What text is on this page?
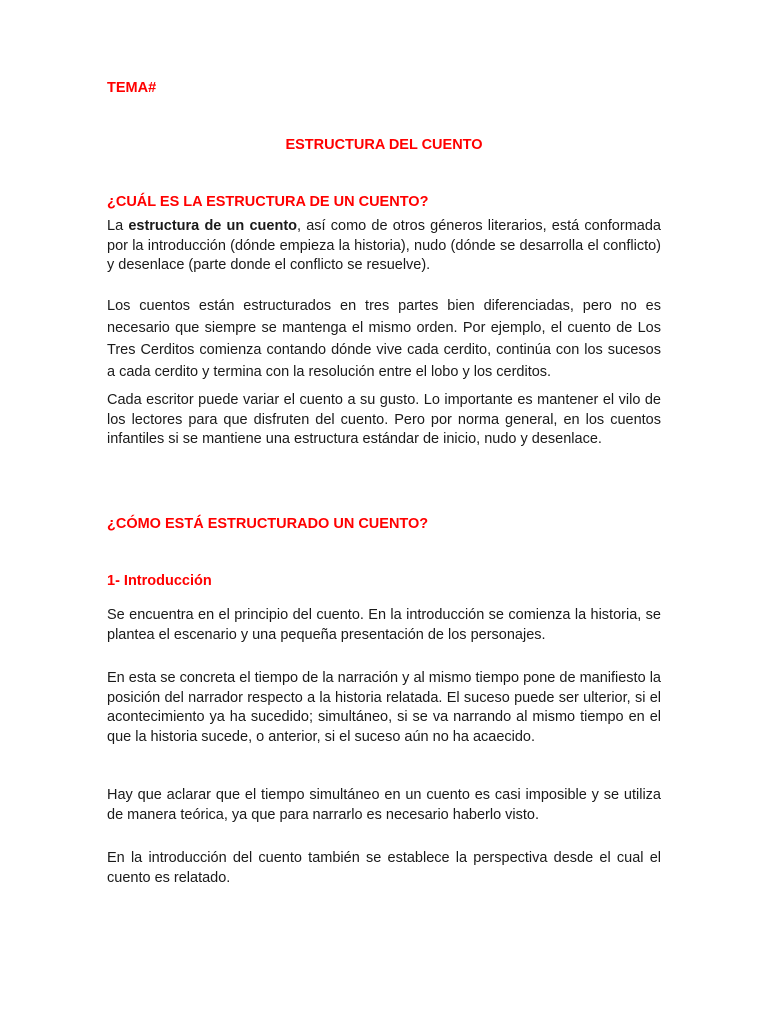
TEMA#
ESTRUCTURA DEL CUENTO
¿CUÁL ES LA ESTRUCTURA DE UN CUENTO?

La estructura de un cuento, así como de otros géneros literarios, está conformada por la introducción (dónde empieza la historia), nudo (dónde se desarrolla el conflicto) y desenlace (parte donde el conflicto se resuelve).

Los cuentos están estructurados en tres partes bien diferenciadas, pero no es necesario que siempre se mantenga el mismo orden. Por ejemplo, el cuento de Los Tres Cerditos comienza contando dónde vive cada cerdito, continúa con los sucesos a cada cerdito y termina con la resolución entre el lobo y los cerditos.

Cada escritor puede variar el cuento a su gusto. Lo importante es mantener el vilo de los lectores para que disfruten del cuento. Pero por norma general, en los cuentos infantiles si se mantiene una estructura estándar de inicio, nudo y desenlace.

¿CÓMO ESTÁ ESTRUCTURADO UN CUENTO?
1- Introducción

Se encuentra en el principio del cuento. En la introducción se comienza la historia, se plantea el escenario y una pequeña presentación de los personajes.

En esta se concreta el tiempo de la narración y al mismo tiempo pone de manifiesto la posición del narrador respecto a la historia relatada. El suceso puede ser ulterior, si el acontecimiento ya ha sucedido; simultáneo, si se va narrando al mismo tiempo en el que la historia sucede, o anterior, si el suceso aún no ha acaecido.

Hay que aclarar que el tiempo simultáneo en un cuento es casi imposible y se utiliza de manera teórica, ya que para narrarlo es necesario haberlo visto.

En la introducción del cuento también se establece la perspectiva desde el cual el cuento es relatado.
